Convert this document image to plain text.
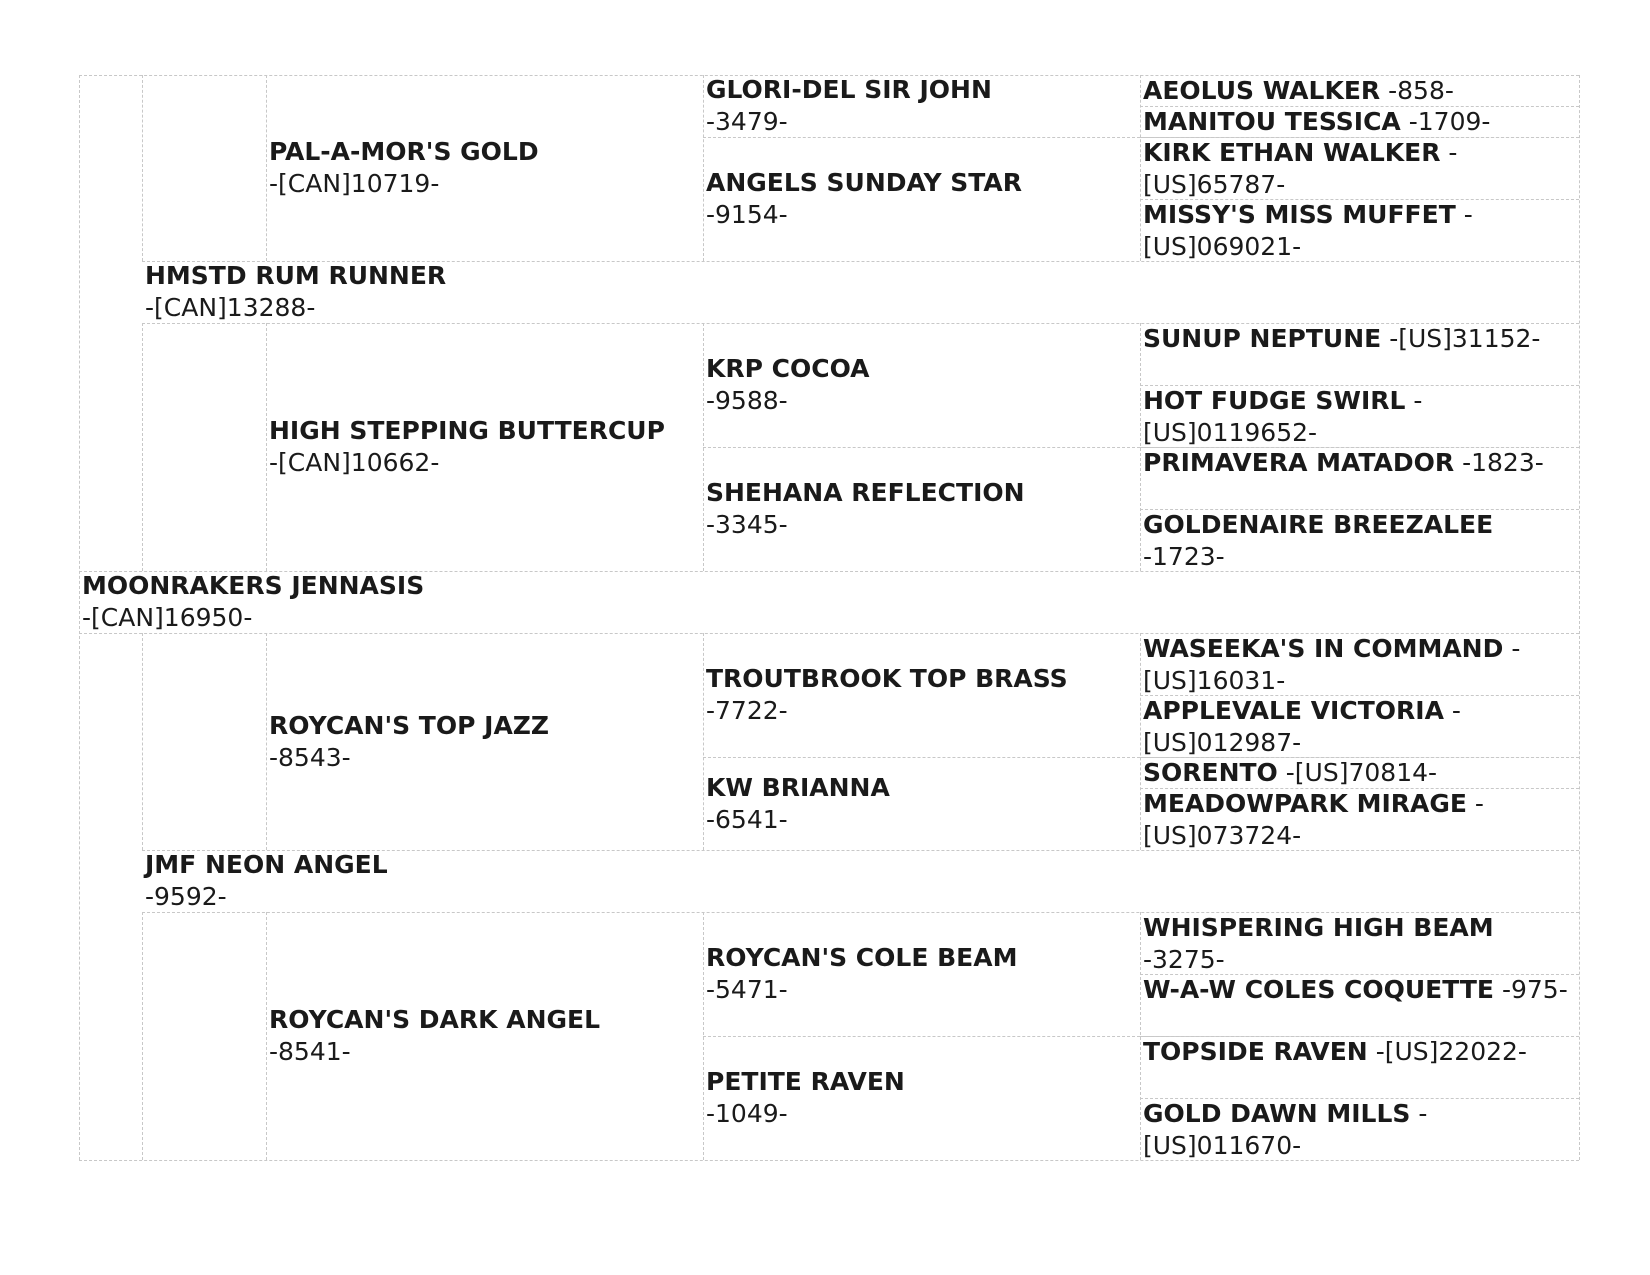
HMSTD RUM RUNNER
-[CAN]13288-
MOONRAKERS JENNASIS
-[CAN]16950-
JMF NEON ANGEL
-9592-
PAL-A-MOR'S GOLD
-[CAN]10719-
GLORI-DEL SIR JOHN
-3479-
ANGELS SUNDAY STAR
-9154-
AEOLUS WALKER -858-
MANITOU TESSICA -1709-
KIRK ETHAN WALKER -[US]65787-
MISSY'S MISS MUFFET -[US]069021-
HIGH STEPPING BUTTERCUP
-[CAN]10662-
KRP COCOA
-9588-
SHEHANA REFLECTION
-3345-
SUNUP NEPTUNE -[US]31152-
HOT FUDGE SWIRL -[US]0119652-
PRIMAVERA MATADOR -1823-
GOLDENAIRE BREEZALEE -1723-
ROYCAN'S TOP JAZZ
-8543-
TROUTBROOK TOP BRASS
-7722-
KW BRIANNA
-6541-
WASEEKA'S IN COMMAND -[US]16031-
APPLEVALE VICTORIA -[US]012987-
SORENTO -[US]70814-
MEADOWPARK MIRAGE -[US]073724-
ROYCAN'S DARK ANGEL
-8541-
ROYCAN'S COLE BEAM
-5471-
PETITE RAVEN
-1049-
WHISPERING HIGH BEAM -3275-
W-A-W COLES COQUETTE -975-
TOPSIDE RAVEN -[US]22022-
GOLD DAWN MILLS -[US]011670-
